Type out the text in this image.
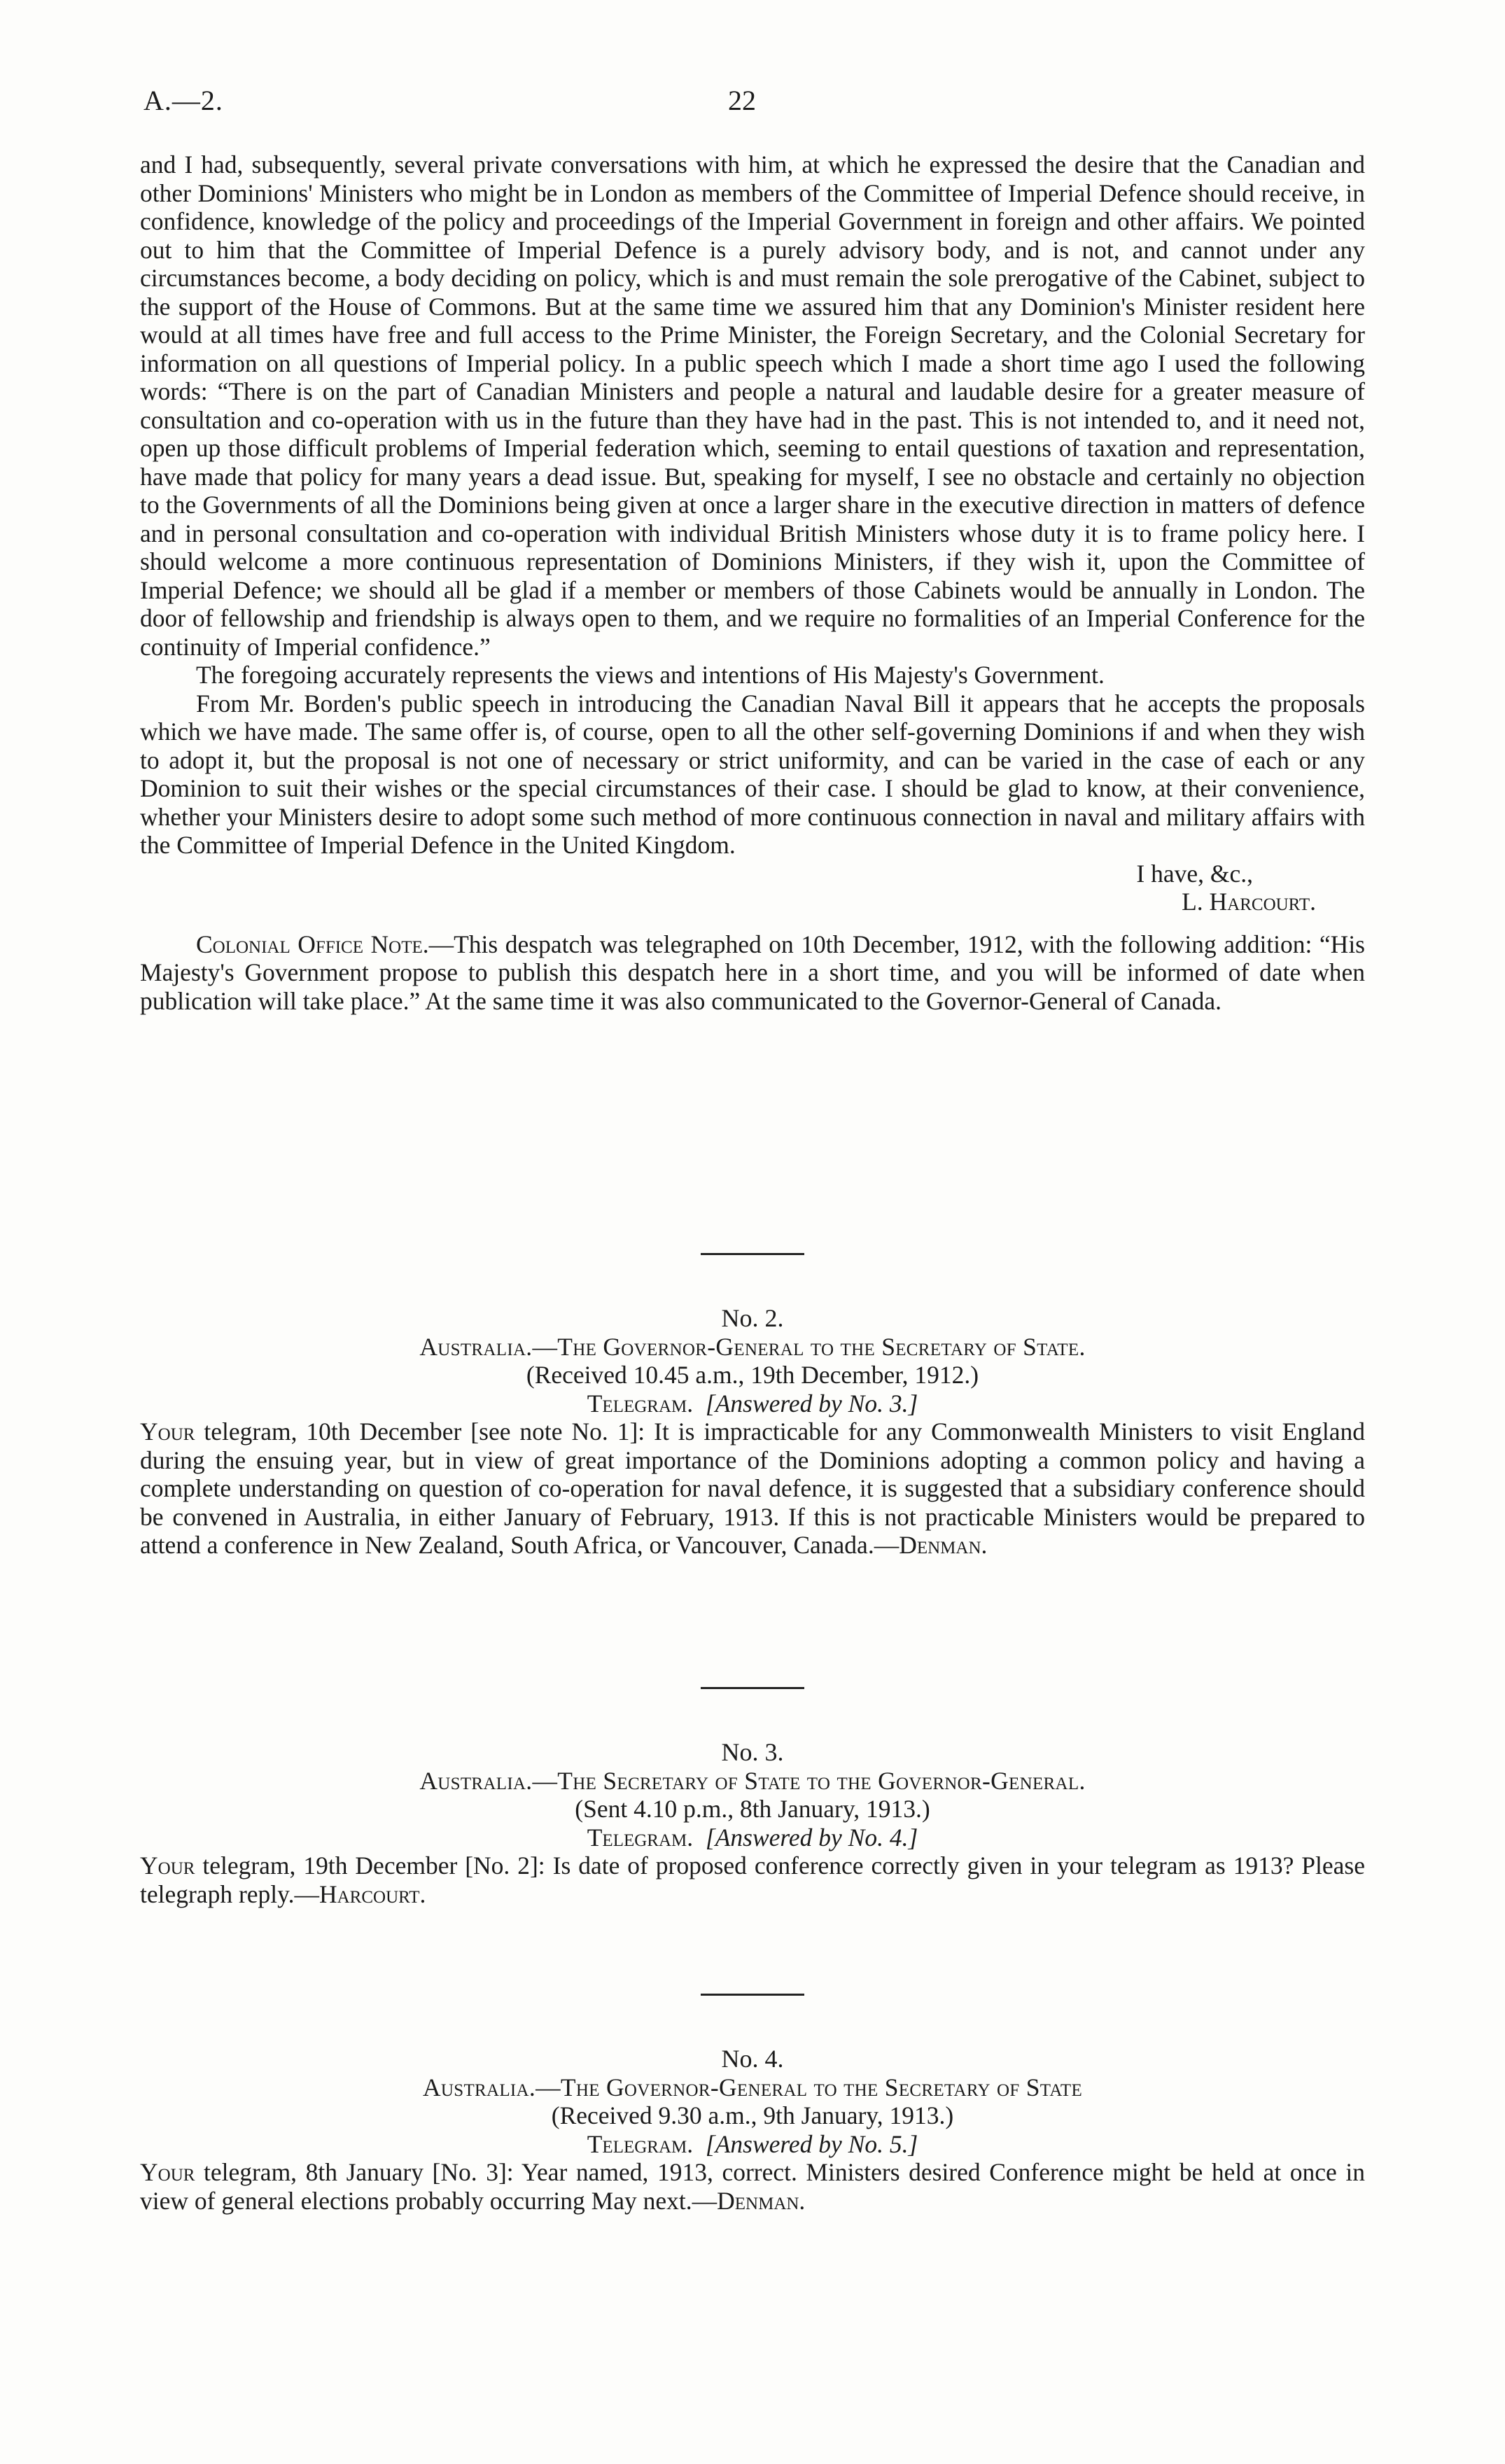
A.—2.	22

and I had, subsequently, several private conversations with him, at which he expressed the desire that the Canadian and other Dominions' Ministers who might be in London as members of the Committee of Imperial Defence should receive, in confidence, knowledge of the policy and proceedings of the Imperial Government in foreign and other affairs. We pointed out to him that the Committee of Imperial Defence is a purely advisory body, and is not, and cannot under any circumstances become, a body deciding on policy, which is and must remain the sole prerogative of the Cabinet, subject to the support of the House of Commons. But at the same time we assured him that any Dominion's Minister resident here would at all times have free and full access to the Prime Minister, the Foreign Secretary, and the Colonial Secretary for information on all questions of Imperial policy. In a public speech which I made a short time ago I used the following words: “There is on the part of Canadian Ministers and people a natural and laudable desire for a greater measure of consultation and co-operation with us in the future than they have had in the past. This is not intended to, and it need not, open up those difficult problems of Imperial federation which, seeming to entail questions of taxation and representation, have made that policy for many years a dead issue. But, speaking for myself, I see no obstacle and certainly no objection to the Governments of all the Dominions being given at once a larger share in the executive direction in matters of defence and in personal consultation and co-operation with individual British Ministers whose duty it is to frame policy here. I should welcome a more continuous representation of Dominions Ministers, if they wish it, upon the Committee of Imperial Defence; we should all be glad if a member or members of those Cabinets would be annually in London. The door of fellowship and friendship is always open to them, and we require no formalities of an Imperial Conference for the continuity of Imperial confidence.”

The foregoing accurately represents the views and intentions of His Majesty's Government.

From Mr. Borden's public speech in introducing the Canadian Naval Bill it appears that he accepts the proposals which we have made. The same offer is, of course, open to all the other self-governing Dominions if and when they wish to adopt it, but the proposal is not one of necessary or strict uniformity, and can be varied in the case of each or any Dominion to suit their wishes or the special circumstances of their case. I should be glad to know, at their convenience, whether your Ministers desire to adopt some such method of more continuous connection in naval and military affairs with the Committee of Imperial Defence in the United Kingdom.

I have, &c.,

L. Harcourt.

Colonial Office Note.—This despatch was telegraphed on 10th December, 1912, with the following addition: “His Majesty's Government propose to publish this despatch here in a short time, and you will be informed of date when publication will take place.” At the same time it was also communicated to the Governor-General of Canada.

No. 2.

Australia.—The Governor-General to the Secretary of State.

(Received 10.45 a.m., 19th December, 1912.)

Telegram. [Answered by No. 3.]

Your telegram, 10th December [see note No. 1]: It is impracticable for any Commonwealth Ministers to visit England during the ensuing year, but in view of great importance of the Dominions adopting a common policy and having a complete understanding on question of co-operation for naval defence, it is suggested that a subsidiary conference should be convened in Australia, in either January of February, 1913. If this is not practicable Ministers would be prepared to attend a conference in New Zealand, South Africa, or Vancouver, Canada.—Denman.

No. 3.

Australia.—The Secretary of State to the Governor-General.

(Sent 4.10 p.m., 8th January, 1913.)

Telegram. [Answered by No. 4.]

Your telegram, 19th December [No. 2]: Is date of proposed conference correctly given in your telegram as 1913? Please telegraph reply.—Harcourt.

No. 4.

Australia.—The Governor-General to the Secretary of State

(Received 9.30 a.m., 9th January, 1913.)

Telegram. [Answered by No. 5.]

Your telegram, 8th January [No. 3]: Year named, 1913, correct. Ministers desired Conference might be held at once in view of general elections probably occurring May next.—Denman.
